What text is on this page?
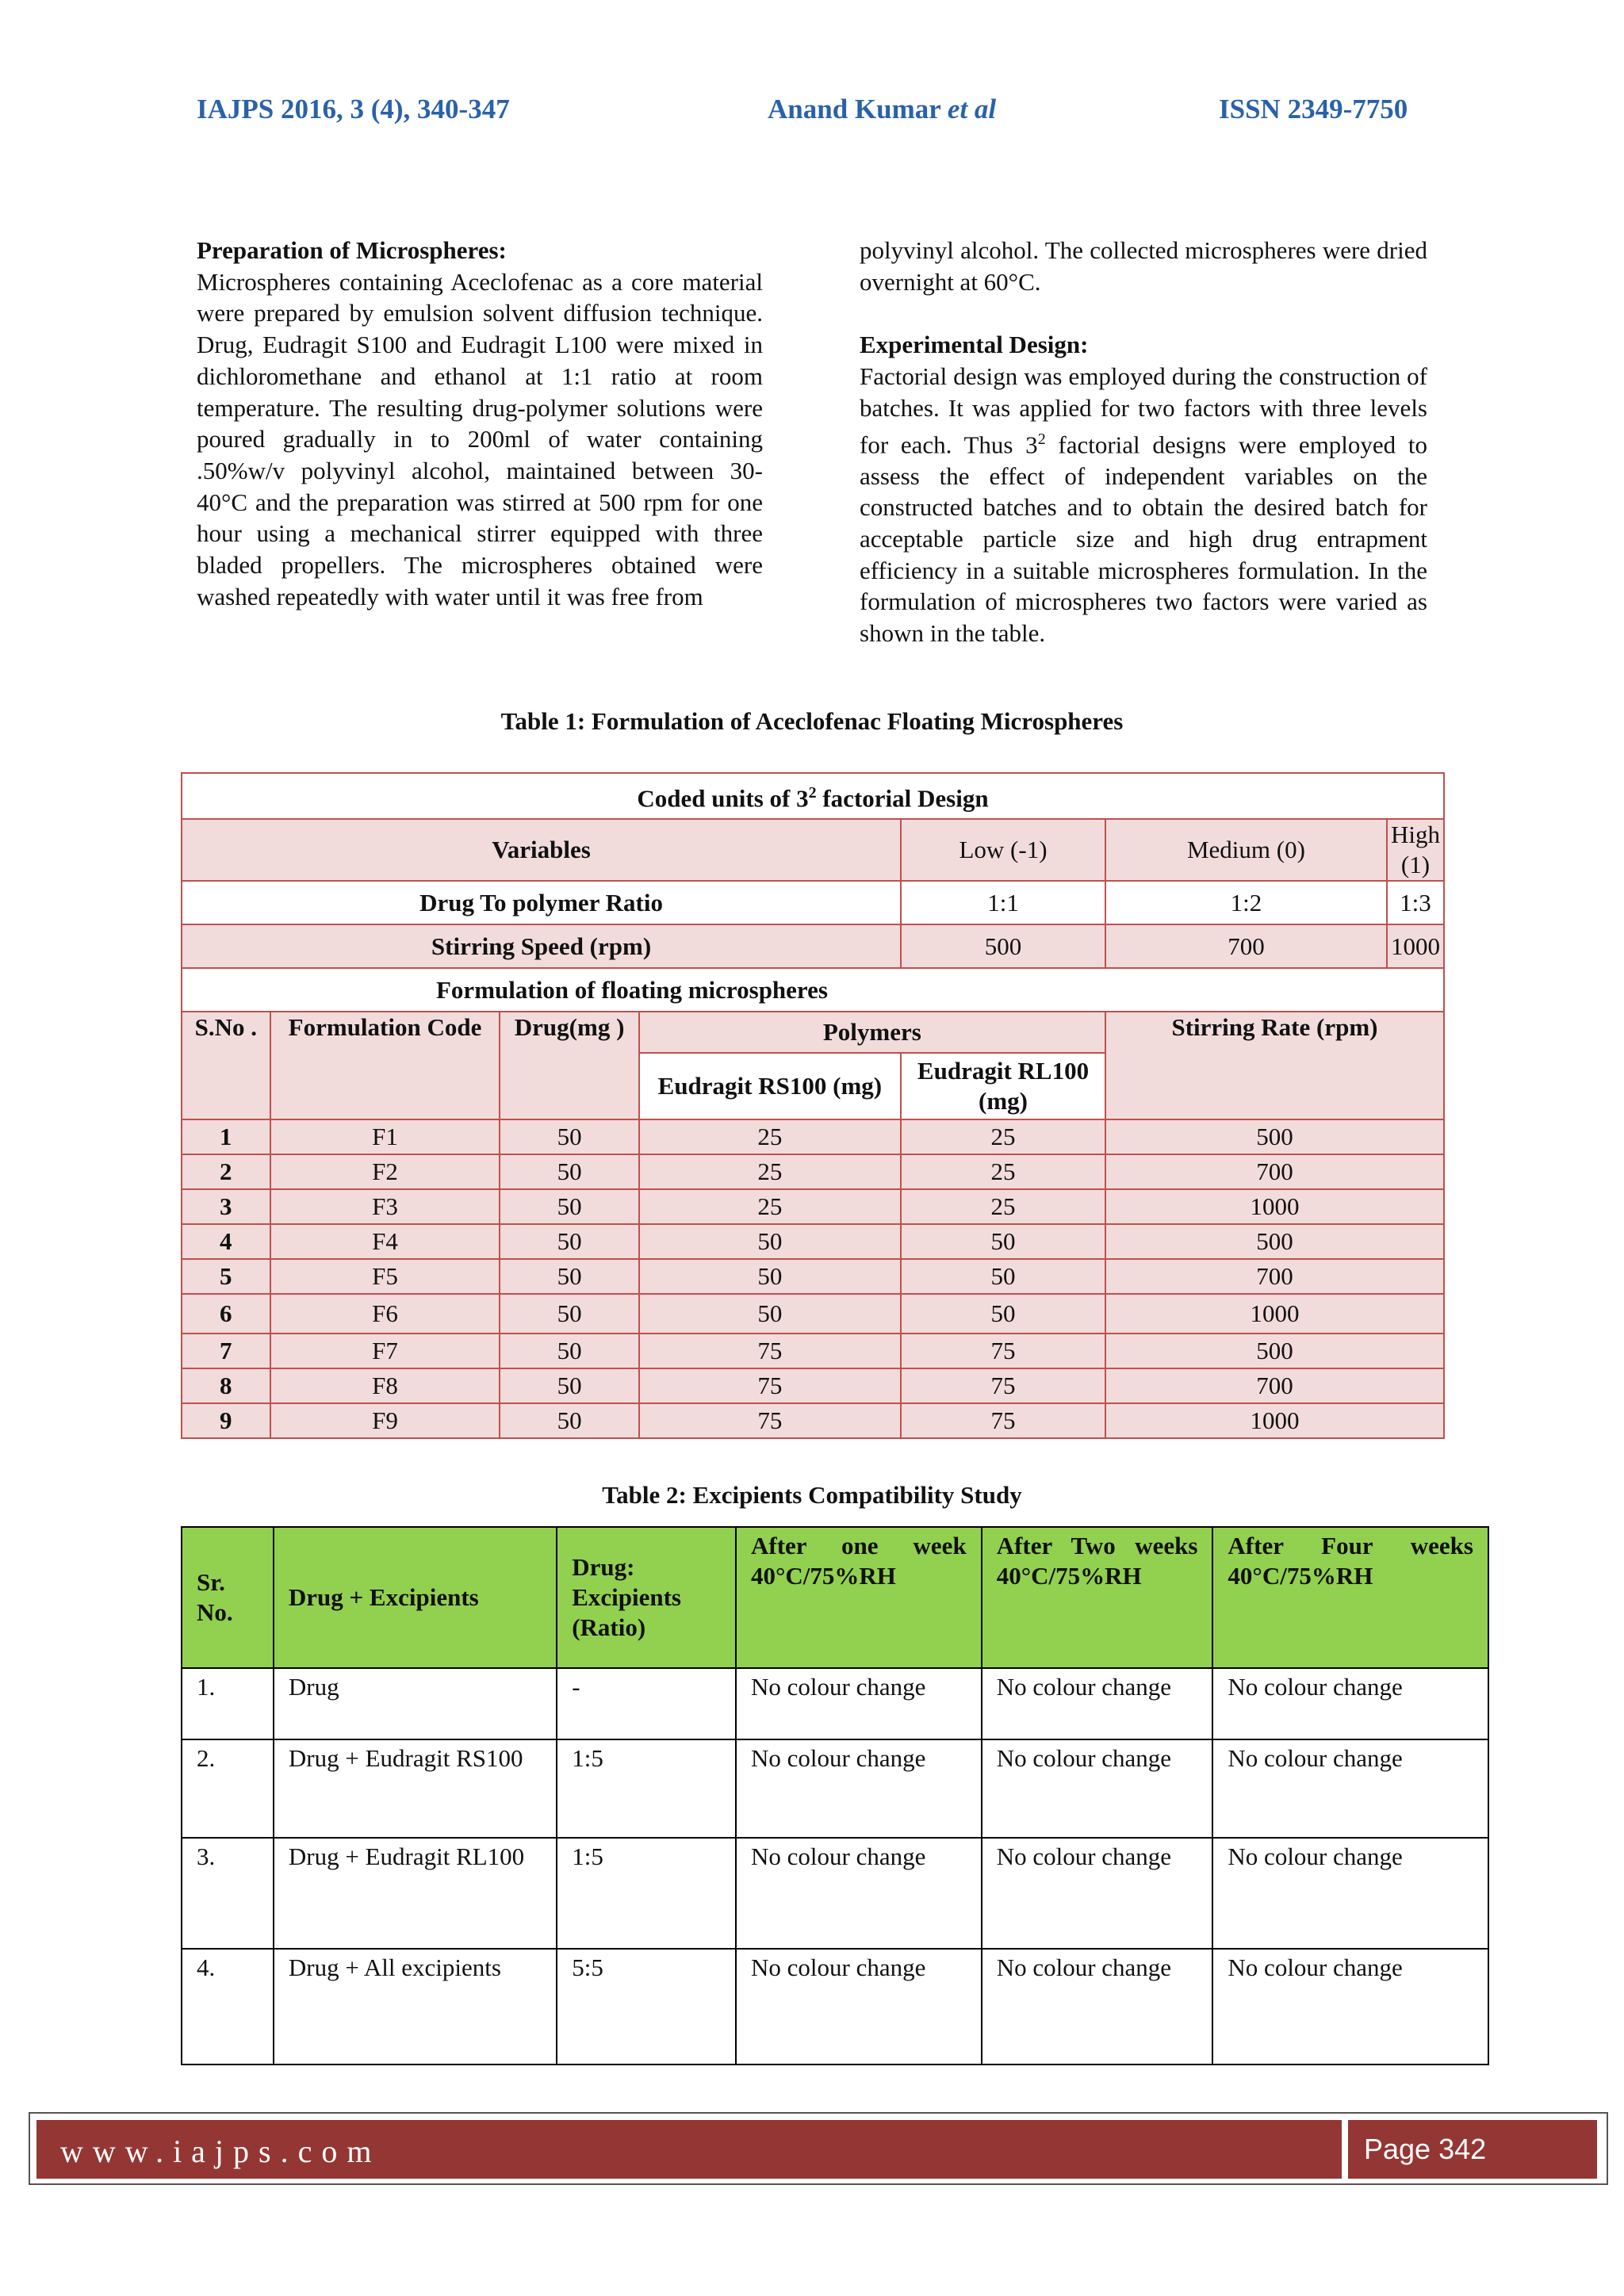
IAJPS 2016, 3 (4), 340-347	Anand Kumar et al	ISSN 2349-7750
Preparation of Microspheres:
Microspheres containing Aceclofenac as a core material were prepared by emulsion solvent diffusion technique. Drug, Eudragit S100 and Eudragit L100 were mixed in dichloromethane and ethanol at 1:1 ratio at room temperature. The resulting drug-polymer solutions were poured gradually in to 200ml of water containing .50%w/v polyvinyl alcohol, maintained between 30-40°C and the preparation was stirred at 500 rpm for one hour using a mechanical stirrer equipped with three bladed propellers. The microspheres obtained were washed repeatedly with water until it was free from
polyvinyl alcohol. The collected microspheres were dried overnight at 60°C.
Experimental Design:
Factorial design was employed during the construction of batches. It was applied for two factors with three levels for each. Thus $3^2$ factorial designs were employed to assess the effect of independent variables on the constructed batches and to obtain the desired batch for acceptable particle size and high drug entrapment efficiency in a suitable microspheres formulation. In the formulation of microspheres two factors were varied as shown in the table.
Table 1: Formulation of Aceclofenac Floating Microspheres
Coded units of $3^2$ factorial Design						
Variables				Low (-1)	Medium (0)	High (1)
Drug To polymer Ratio				1:1	1:2	1:3
Stirring Speed (rpm)				500	700	1000
Formulation of floating microspheres						
S.No .	Formulation Code	Drug(mg )	Polymers		Stirring Rate (rpm)	
			Eudragit RS100 (mg)	Eudragit RL100 (mg)		
1	F1	50	25	25	500	
2	F2	50	25	25	700	
3	F3	50	25	25	1000	
4	F4	50	50	50	500	
5	F5	50	50	50	700	
6	F6	50	50	50	1000	
7	F7	50	75	75	500	
8	F8	50	75	75	700	
9	F9	50	75	75	1000	
Table 2: Excipients Compatibility Study
Sr. No.	Drug + Excipients	Drug: Excipients (Ratio)	After one week 40°C/75%RH	After Two weeks 40°C/75%RH	After Four weeks 40°C/75%RH
1.	Drug	-	No colour change	No colour change	No colour change
2.	Drug + Eudragit RS100	1:5	No colour change	No colour change	No colour change
3.	Drug + Eudragit RL100	1:5	No colour change	No colour change	No colour change
4.	Drug + All excipients	5:5	No colour change	No colour change	No colour change
www.iajps.com	Page 342
